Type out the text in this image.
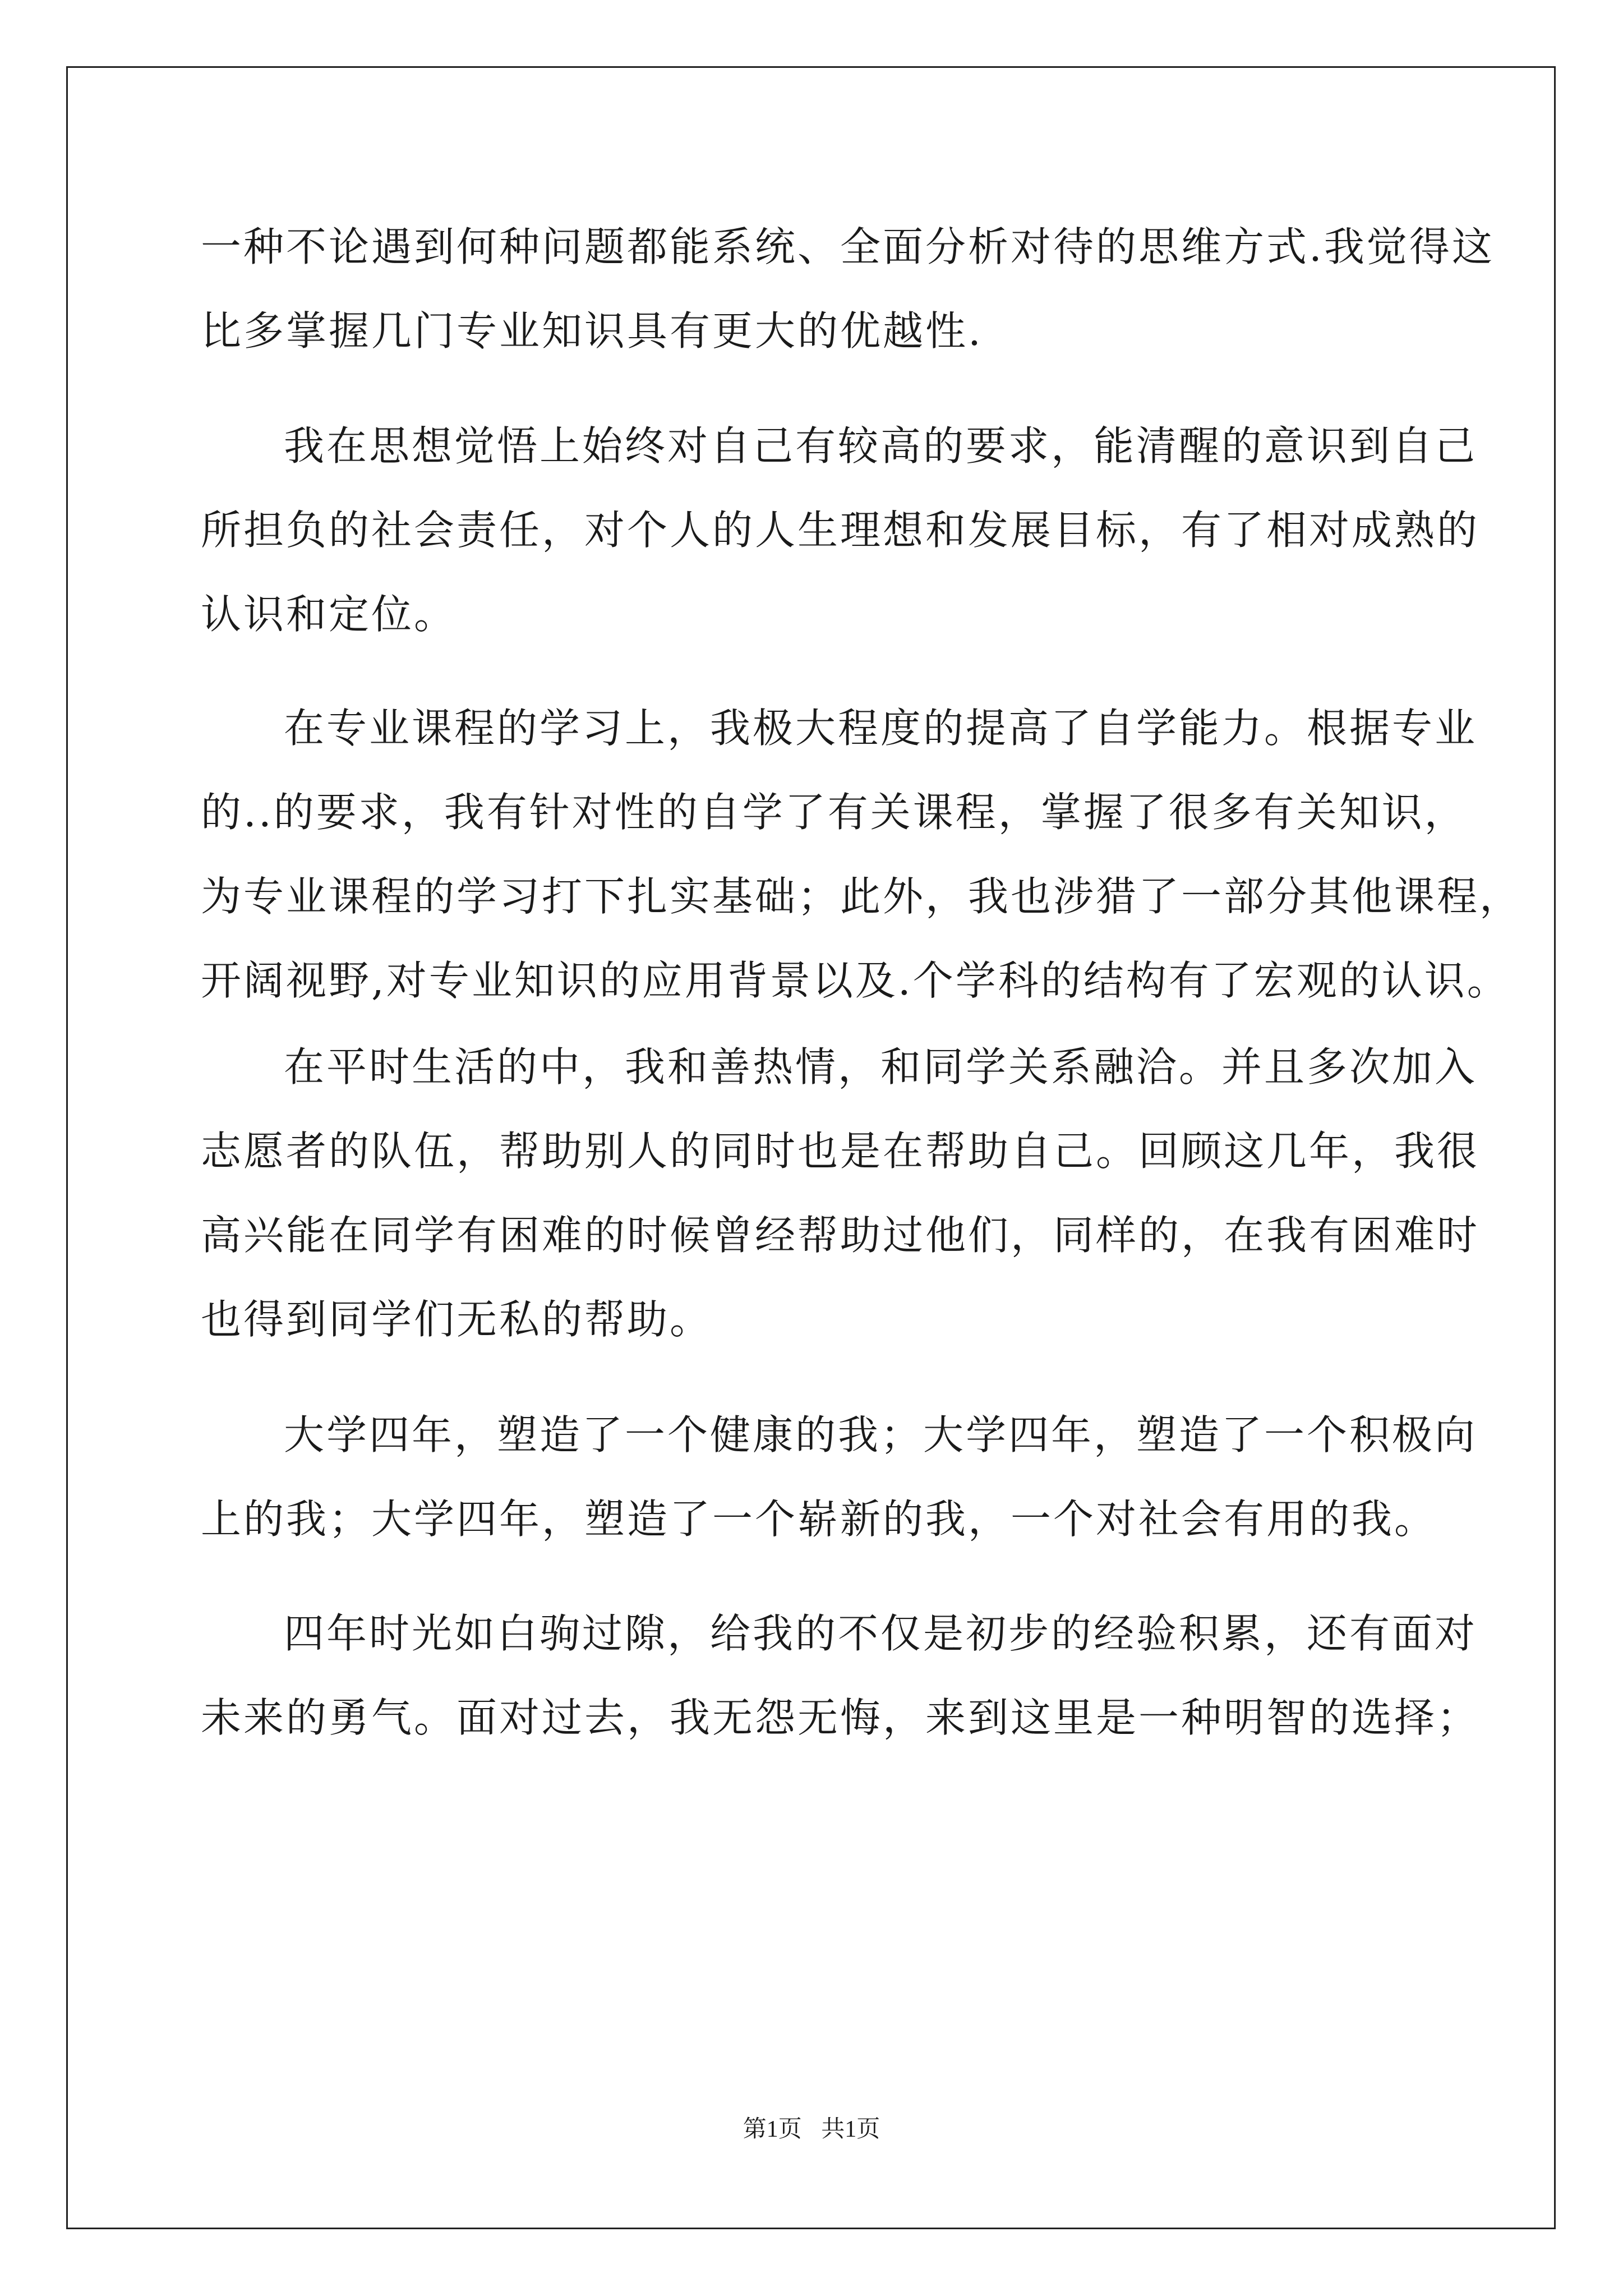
一种不论遇到何种问题都能系统、全面分析对待的思维方式.我觉得这
比多掌握几门专业知识具有更大的优越性.
我在思想觉悟上始终对自己有较高的要求，能清醒的意识到自己
所担负的社会责任，对个人的人生理想和发展目标，有了相对成熟的
认识和定位。
在专业课程的学习上，我极大程度的提高了自学能力。根据专业
的..的要求，我有针对性的自学了有关课程，掌握了很多有关知识，
为专业课程的学习打下扎实基础；此外，我也涉猎了一部分其他课程，
开阔视野,对专业知识的应用背景以及.个学科的结构有了宏观的认识。
在平时生活的中，我和善热情，和同学关系融洽。并且多次加入
志愿者的队伍，帮助别人的同时也是在帮助自己。回顾这几年，我很
高兴能在同学有困难的时候曾经帮助过他们，同样的，在我有困难时
也得到同学们无私的帮助。
大学四年，塑造了一个健康的我；大学四年，塑造了一个积极向
上的我；大学四年，塑造了一个崭新的我，一个对社会有用的我。
四年时光如白驹过隙，给我的不仅是初步的经验积累，还有面对
未来的勇气。面对过去，我无怨无悔，来到这里是一种明智的选择；
第1页 共1页
